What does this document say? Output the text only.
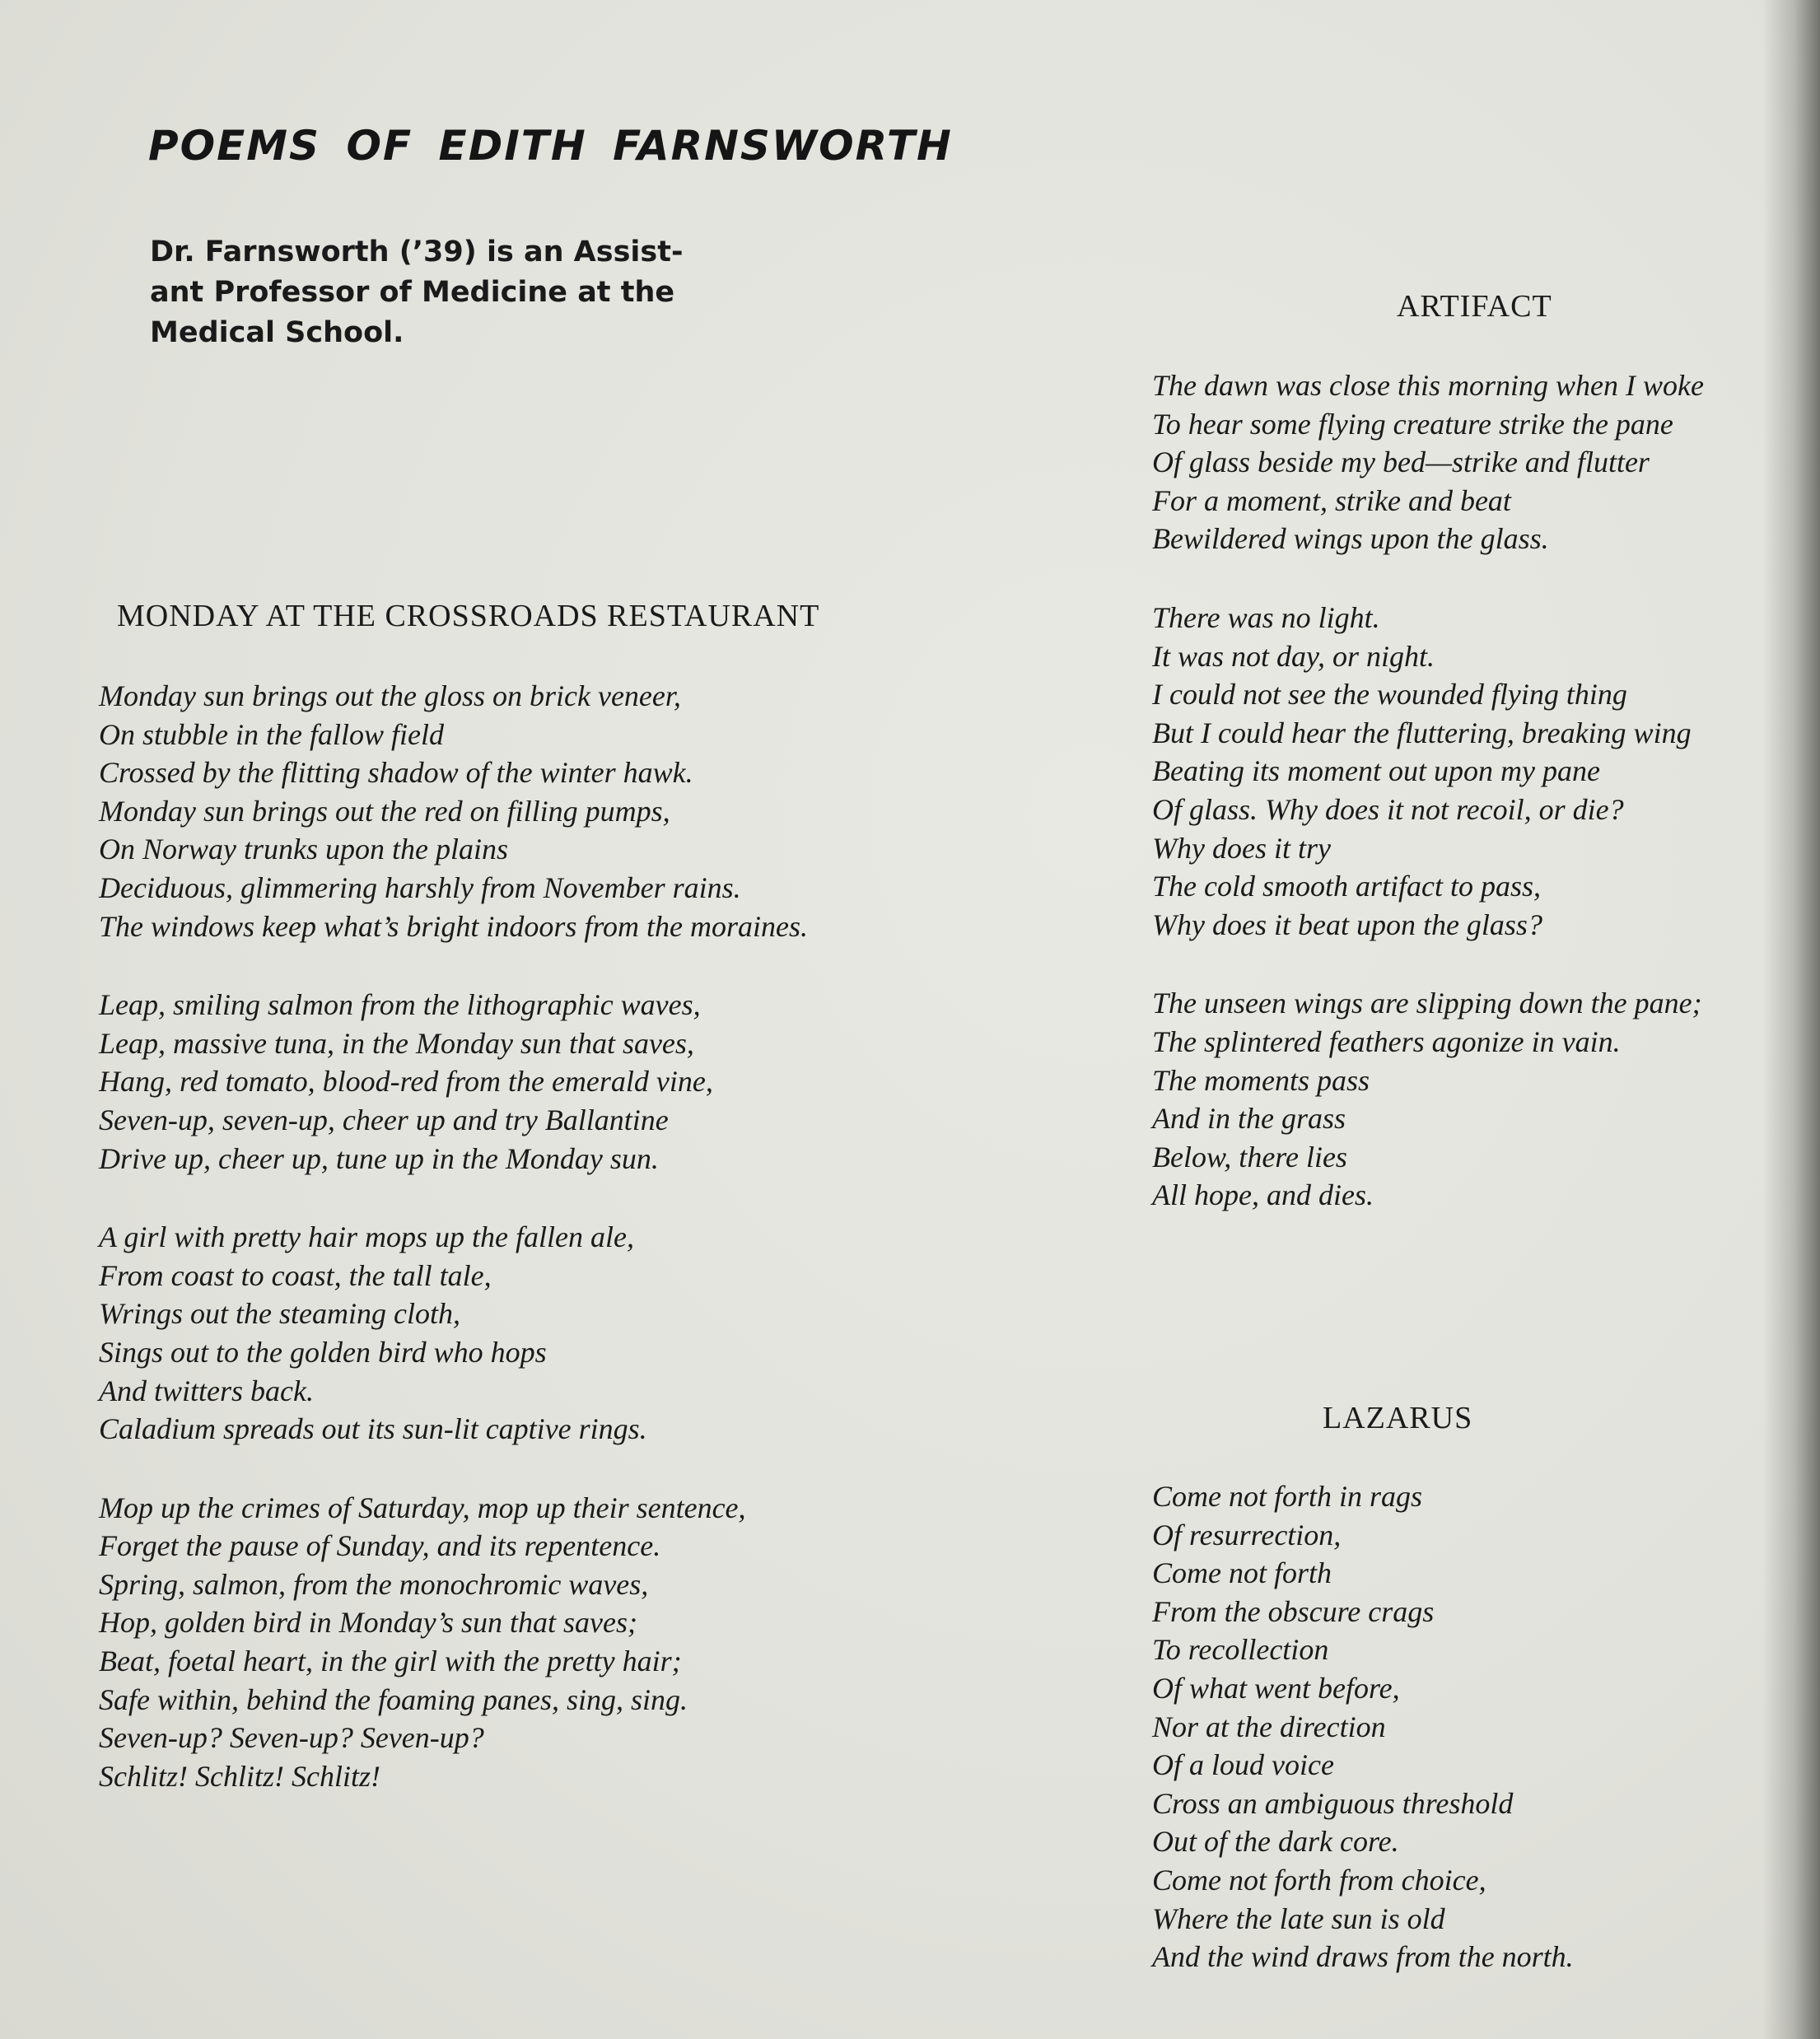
POEMS OF EDITH FARNSWORTH
Dr. Farnsworth (’39) is an Assist-
ant Professor of Medicine at the
Medical School.
MONDAY AT THE CROSSROADS RESTAURANT
Monday sun brings out the gloss on brick veneer,
On stubble in the fallow field
Crossed by the flitting shadow of the winter hawk.
Monday sun brings out the red on filling pumps,
On Norway trunks upon the plains
Deciduous, glimmering harshly from November rains.
The windows keep what’s bright indoors from the moraines.
Leap, smiling salmon from the lithographic waves,
Leap, massive tuna, in the Monday sun that saves,
Hang, red tomato, blood-red from the emerald vine,
Seven-up, seven-up, cheer up and try Ballantine
Drive up, cheer up, tune up in the Monday sun.
A girl with pretty hair mops up the fallen ale,
From coast to coast, the tall tale,
Wrings out the steaming cloth,
Sings out to the golden bird who hops
And twitters back.
Caladium spreads out its sun-lit captive rings.
Mop up the crimes of Saturday, mop up their sentence,
Forget the pause of Sunday, and its repentence.
Spring, salmon, from the monochromic waves,
Hop, golden bird in Monday’s sun that saves;
Beat, foetal heart, in the girl with the pretty hair;
Safe within, behind the foaming panes, sing, sing.
Seven-up? Seven-up? Seven-up?
Schlitz! Schlitz! Schlitz!
ARTIFACT
The dawn was close this morning when I woke
To hear some flying creature strike the pane
Of glass beside my bed—strike and flutter
For a moment, strike and beat
Bewildered wings upon the glass.
There was no light.
It was not day, or night.
I could not see the wounded flying thing
But I could hear the fluttering, breaking wing
Beating its moment out upon my pane
Of glass. Why does it not recoil, or die?
Why does it try
The cold smooth artifact to pass,
Why does it beat upon the glass?
The unseen wings are slipping down the pane;
The splintered feathers agonize in vain.
The moments pass
And in the grass
Below, there lies
All hope, and dies.
LAZARUS
Come not forth in rags
Of resurrection,
Come not forth
From the obscure crags
To recollection
Of what went before,
Nor at the direction
Of a loud voice
Cross an ambiguous threshold
Out of the dark core.
Come not forth from choice,
Where the late sun is old
And the wind draws from the north.
